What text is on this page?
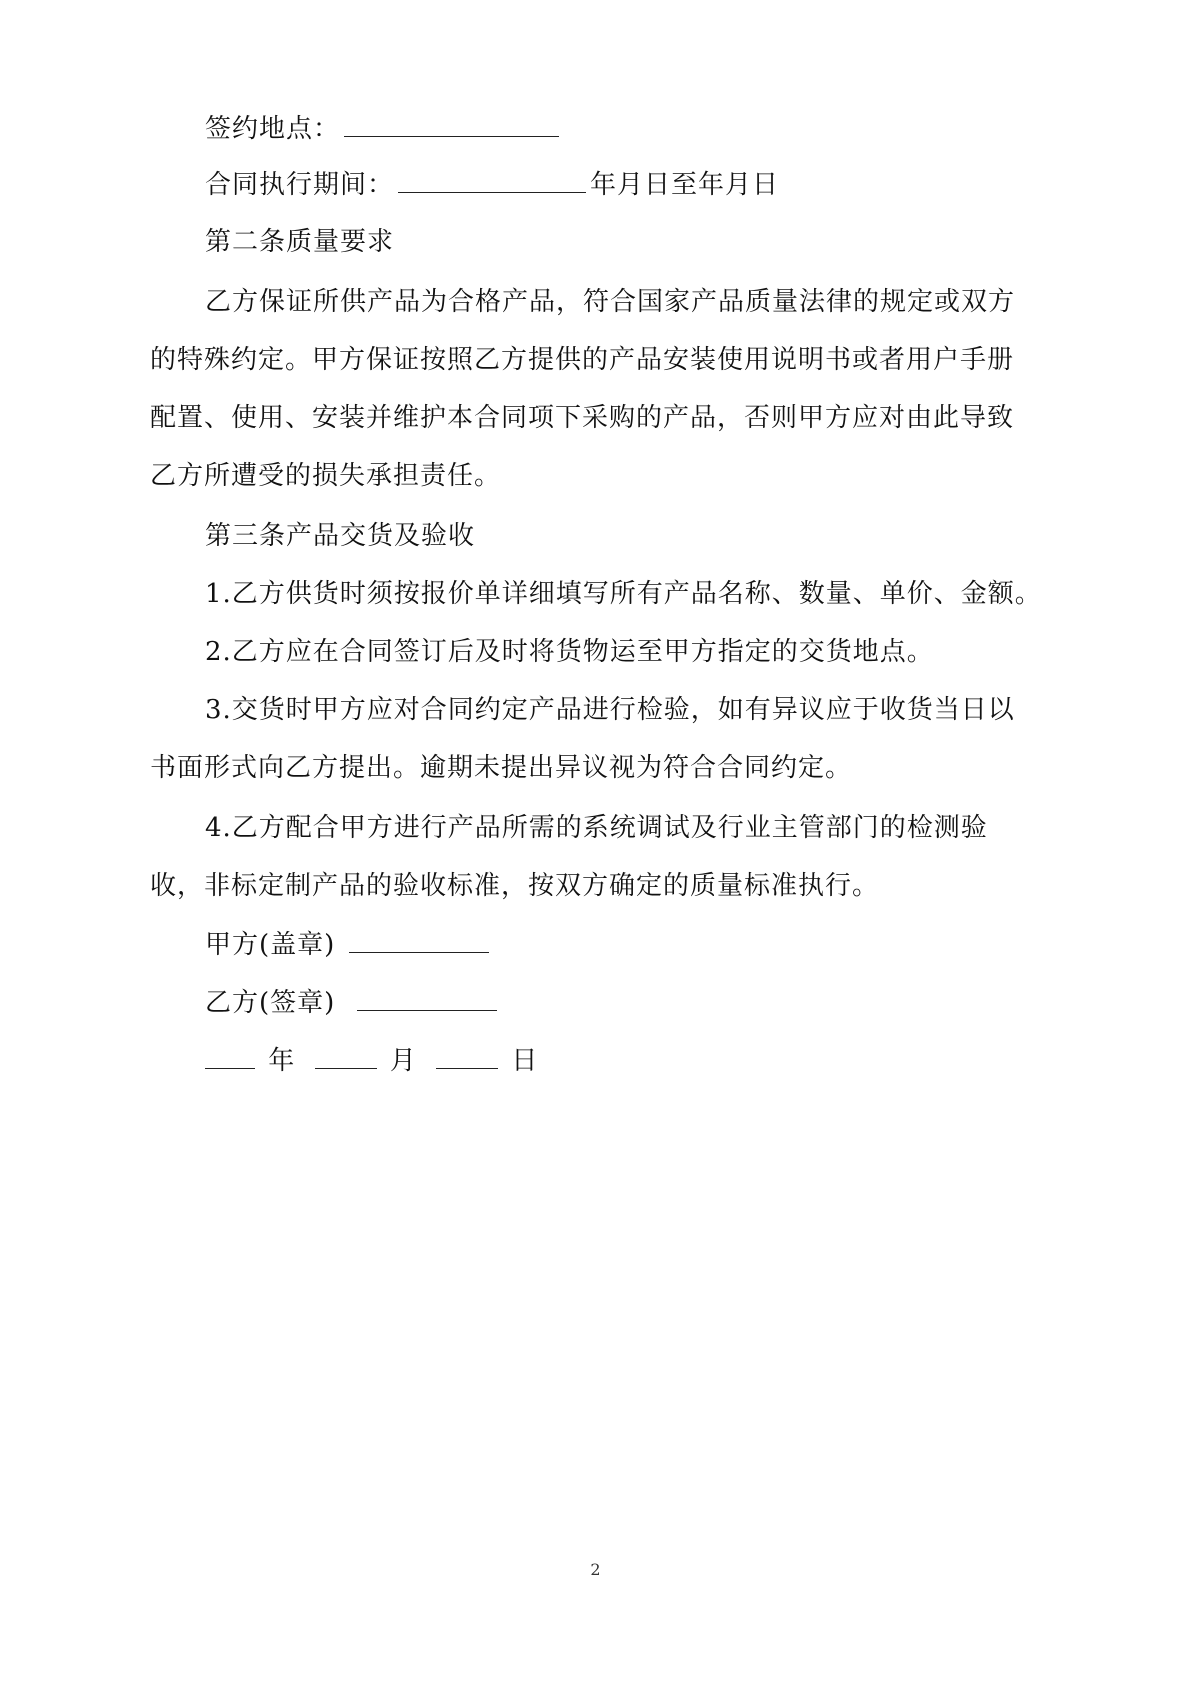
签约地点：
合同执行期间：	年月日至年月日
第二条质量要求
乙方保证所供产品为合格产品，符合国家产品质量法律的规定或双方
的特殊约定。甲方保证按照乙方提供的产品安装使用说明书或者用户手册
配置、使用、安装并维护本合同项下采购的产品，否则甲方应对由此导致
乙方所遭受的损失承担责任。
第三条产品交货及验收
1.乙方供货时须按报价单详细填写所有产品名称、数量、单价、金额。
2.乙方应在合同签订后及时将货物运至甲方指定的交货地点。
3.交货时甲方应对合同约定产品进行检验，如有异议应于收货当日以
书面形式向乙方提出。逾期未提出异议视为符合合同约定。
4.乙方配合甲方进行产品所需的系统调试及行业主管部门的检测验
收，非标定制产品的验收标准，按双方确定的质量标准执行。
甲方(盖章)
乙方(签章)
年	月	日
2
